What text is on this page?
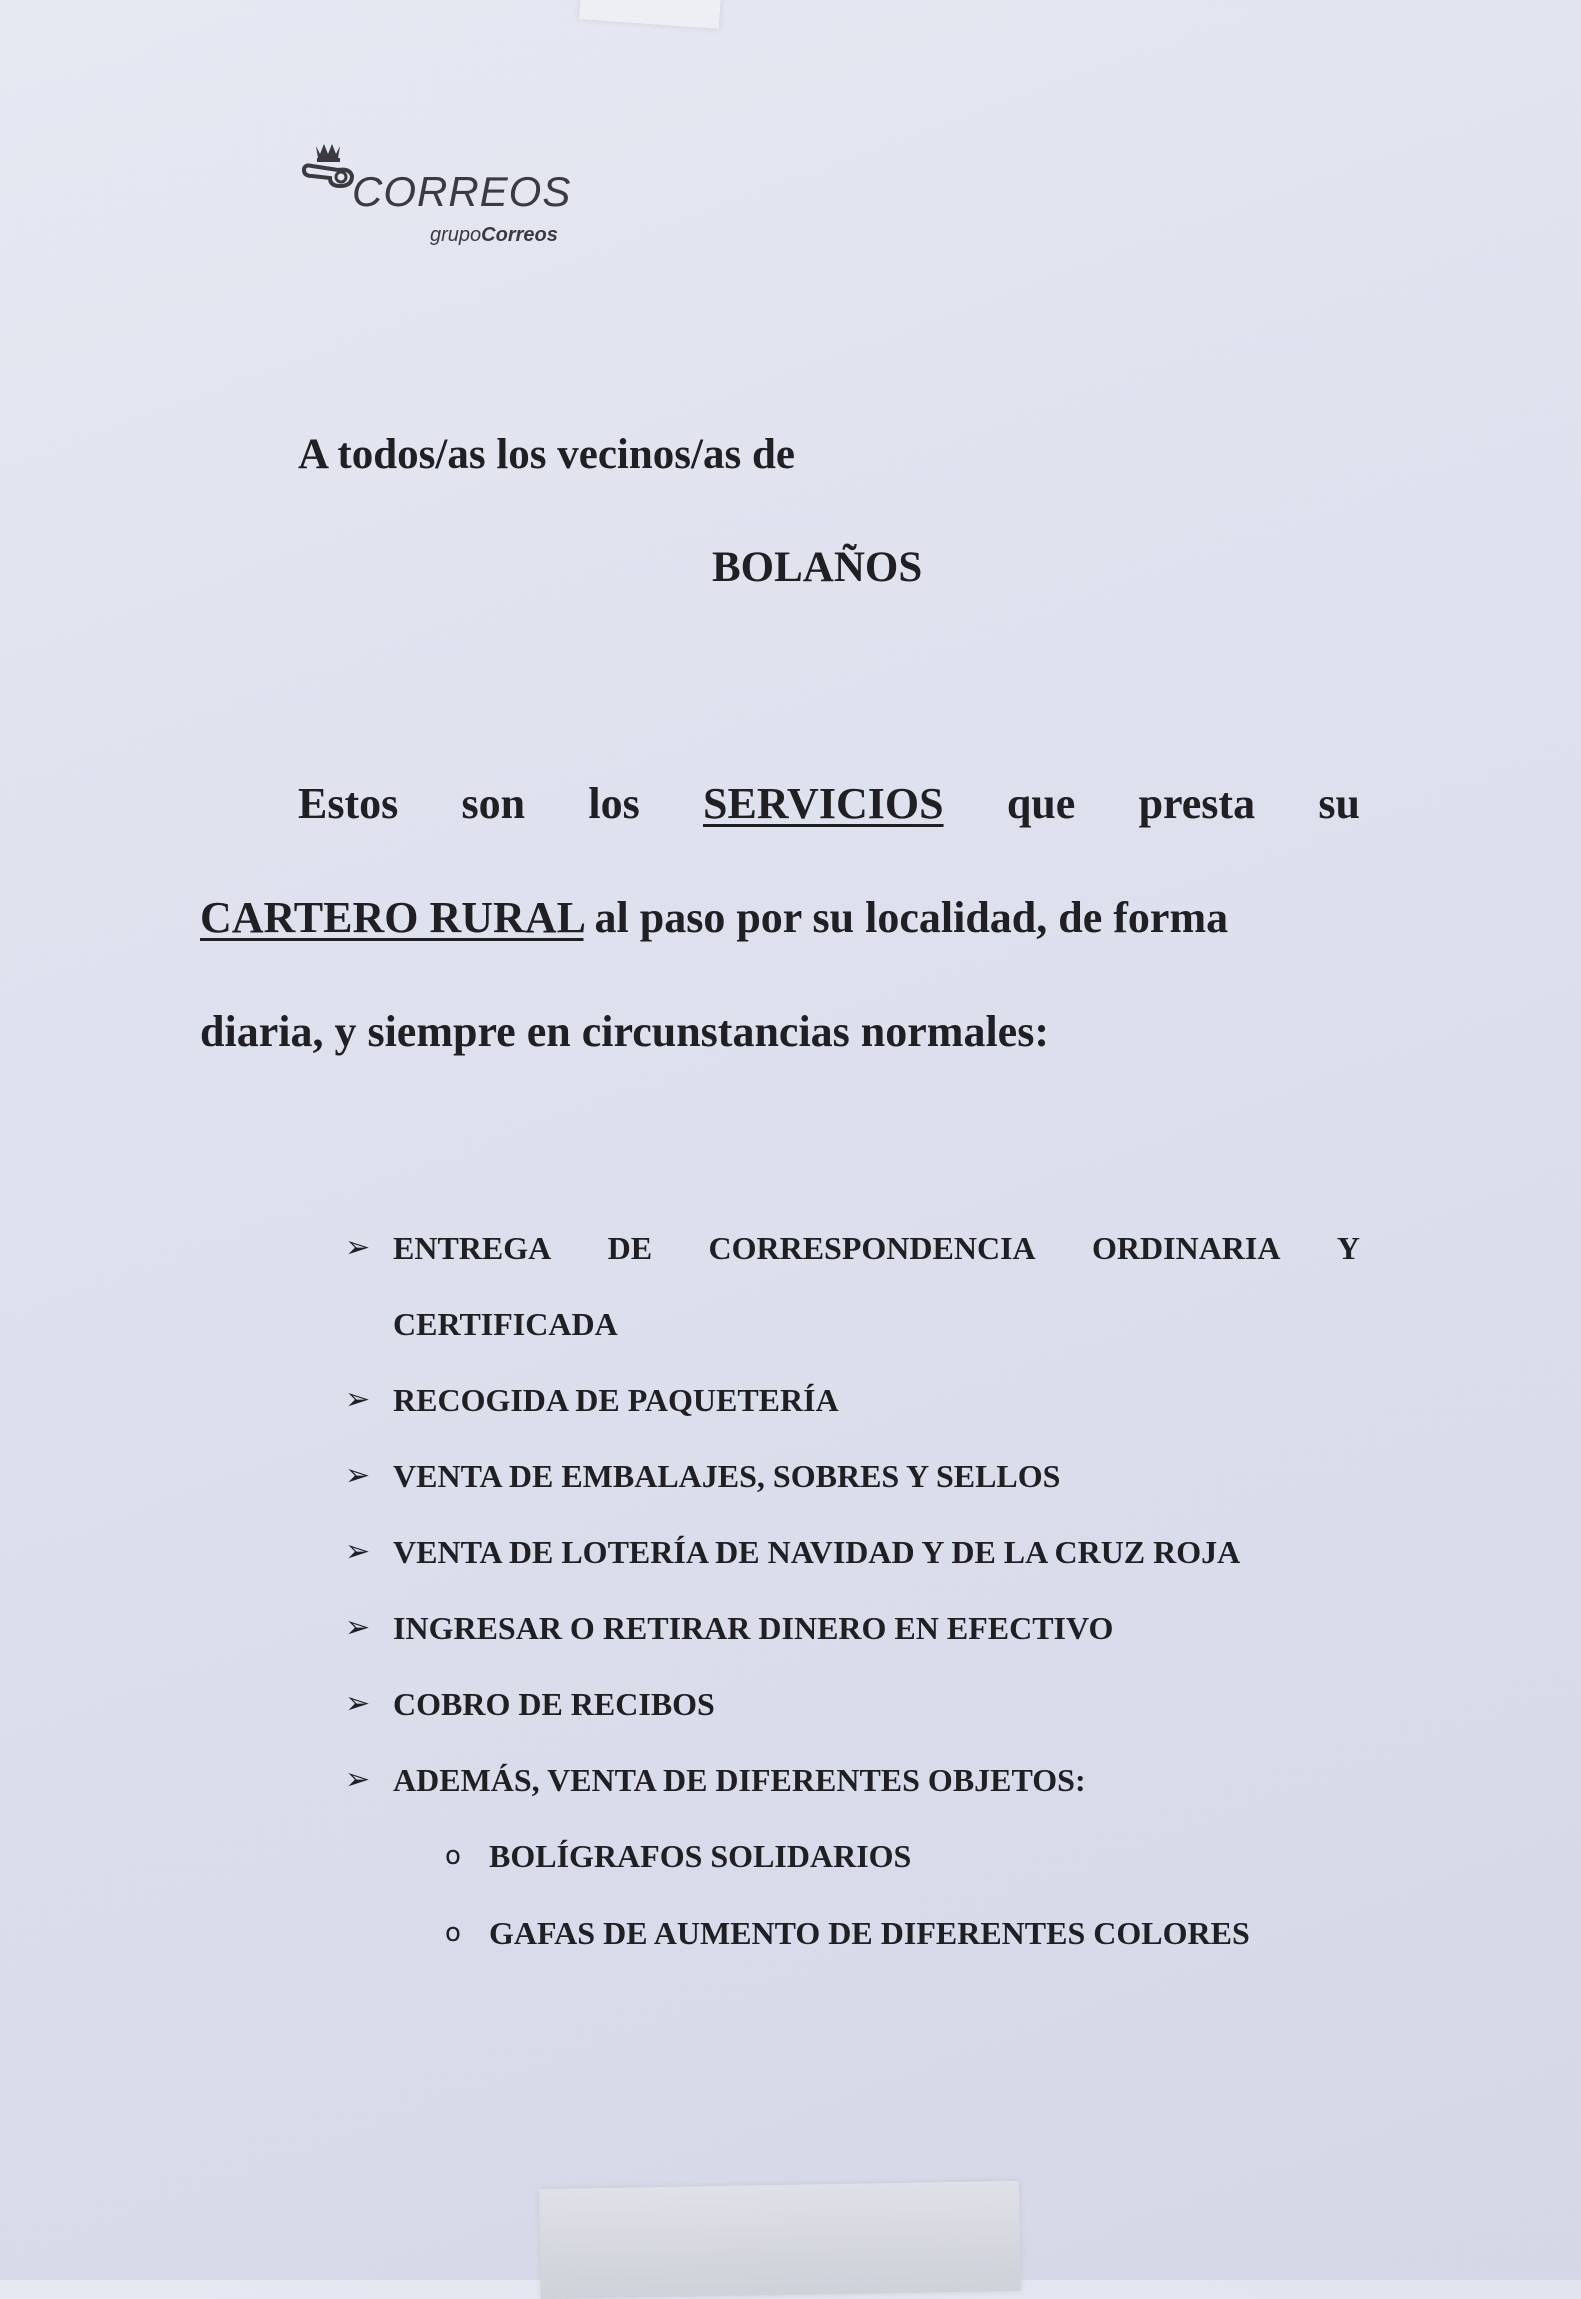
CORREOS
grupoCorreos
A todos/as los vecinos/as de
BOLAÑOS
Estos son los SERVICIOS que presta su
CARTERO RURAL al paso por su localidad, de forma
diaria, y siempre en circunstancias normales:
➢ ENTREGA DE CORRESPONDENCIA ORDINARIA Y
CERTIFICADA
➢ RECOGIDA DE PAQUETERÍA
➢ VENTA DE EMBALAJES, SOBRES Y SELLOS
➢ VENTA DE LOTERÍA DE NAVIDAD Y DE LA CRUZ ROJA
➢ INGRESAR O RETIRAR DINERO EN EFECTIVO
➢ COBRO DE RECIBOS
➢ ADEMÁS, VENTA DE DIFERENTES OBJETOS:
o BOLÍGRAFOS SOLIDARIOS
o GAFAS DE AUMENTO DE DIFERENTES COLORES
